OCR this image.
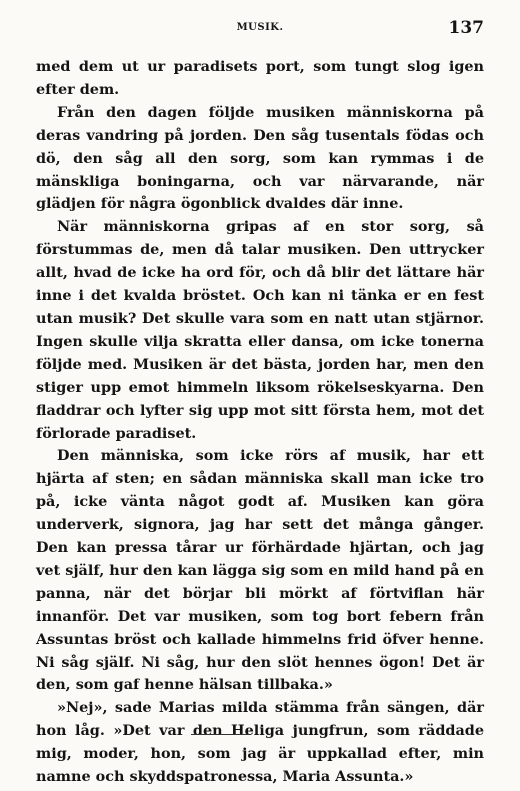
MUSIK.	137

med dem ut ur paradisets port, som tungt slog igen efter dem.

Från den dagen följde musiken människorna på deras vandring på jorden. Den såg tusentals födas och dö, den såg all den sorg, som kan rymmas i de mänskliga boningarna, och var närvarande, när glädjen för några ögonblick dvaldes där inne.

När människorna gripas af en stor sorg, så förstummas de, men då talar musiken. Den uttrycker allt, hvad de icke ha ord för, och då blir det lättare här inne i det kvalda bröstet. Och kan ni tänka er en fest utan musik? Det skulle vara som en natt utan stjärnor. Ingen skulle vilja skratta eller dansa, om icke tonerna följde med. Musiken är det bästa, jorden har, men den stiger upp emot himmeln liksom rökelseskyarna. Den fladdrar och lyfter sig upp mot sitt första hem, mot det förlorade paradiset.

Den människa, som icke rörs af musik, har ett hjärta af sten; en sådan människa skall man icke tro på, icke vänta något godt af. Musiken kan göra underverk, signora, jag har sett det många gånger. Den kan pressa tårar ur förhärdade hjärtan, och jag vet själf, hur den kan lägga sig som en mild hand på en panna, när det börjar bli mörkt af förtviflan här innanför. Det var musiken, som tog bort febern från Assuntas bröst och kallade himmelns frid öfver henne. Ni såg själf. Ni såg, hur den slöt hennes ögon! Det är den, som gaf henne hälsan tillbaka.»

»Nej», sade Marias milda stämma från sängen, där hon låg. »Det var den Heliga jungfrun, som räddade mig, moder, hon, som jag är uppkallad efter, min namne och skyddspatronessa, Maria Assunta.»
